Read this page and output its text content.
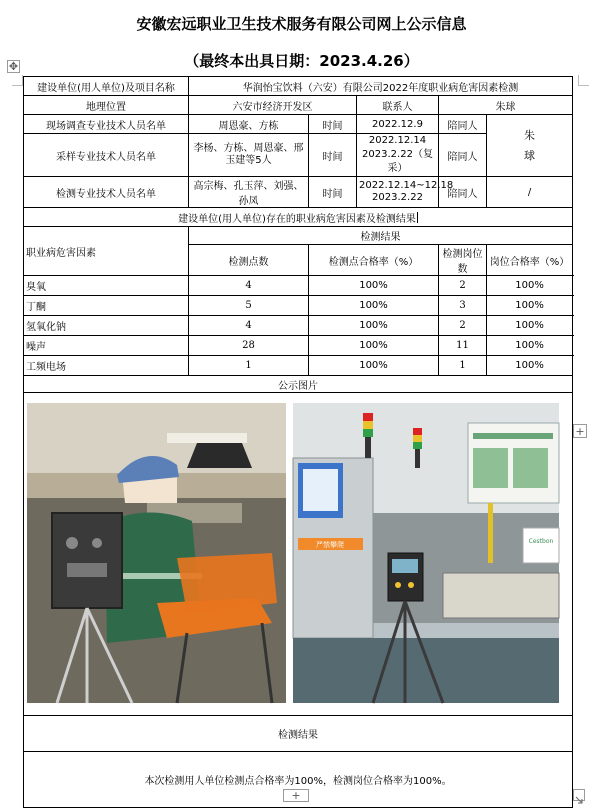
安徽宏远职业卫生技术服务有限公司网上公示信息
（最终本出具日期：2023.4.26）
✥
建设单位(用人单位)及项目名称	华润怡宝饮料（六安）有限公司2022年度职业病危害因素检测				
地理位置	六安市经济开发区		联系人	朱球	
现场调查专业技术人员名单	周恩豪、方栋	时间	2022.12.9	陪同人	朱球
采样专业技术人员名单	李杨、方栋、周恩豪、邢玉建等5人	时间	2022.12.14
2023.2.22（复采）	陪同人	
检测专业技术人员名单	高宗梅、孔玉萍、刘强、孙凤	时间	2022.12.14~12.18
2023.2.22	陪同人	/
建设单位(用人单位)存在的职业病危害因素及检测结果					
职业病危害因素	检测结果				
	检测点数	检测点合格率（%）		检测岗位数	岗位合格率（%）
臭氧	4	100%		2	100%
丁酮	5	100%		3	100%
氢氧化钠	4	100%		2	100%
噪声	28	100%		11	100%
工频电场	1	100%		1	100%
公示图片					

严禁攀爬 Cestbon					

检测结果					
本次检测用人单位检测点合格率为100%，检测岗位合格率为100%。					
+
+
